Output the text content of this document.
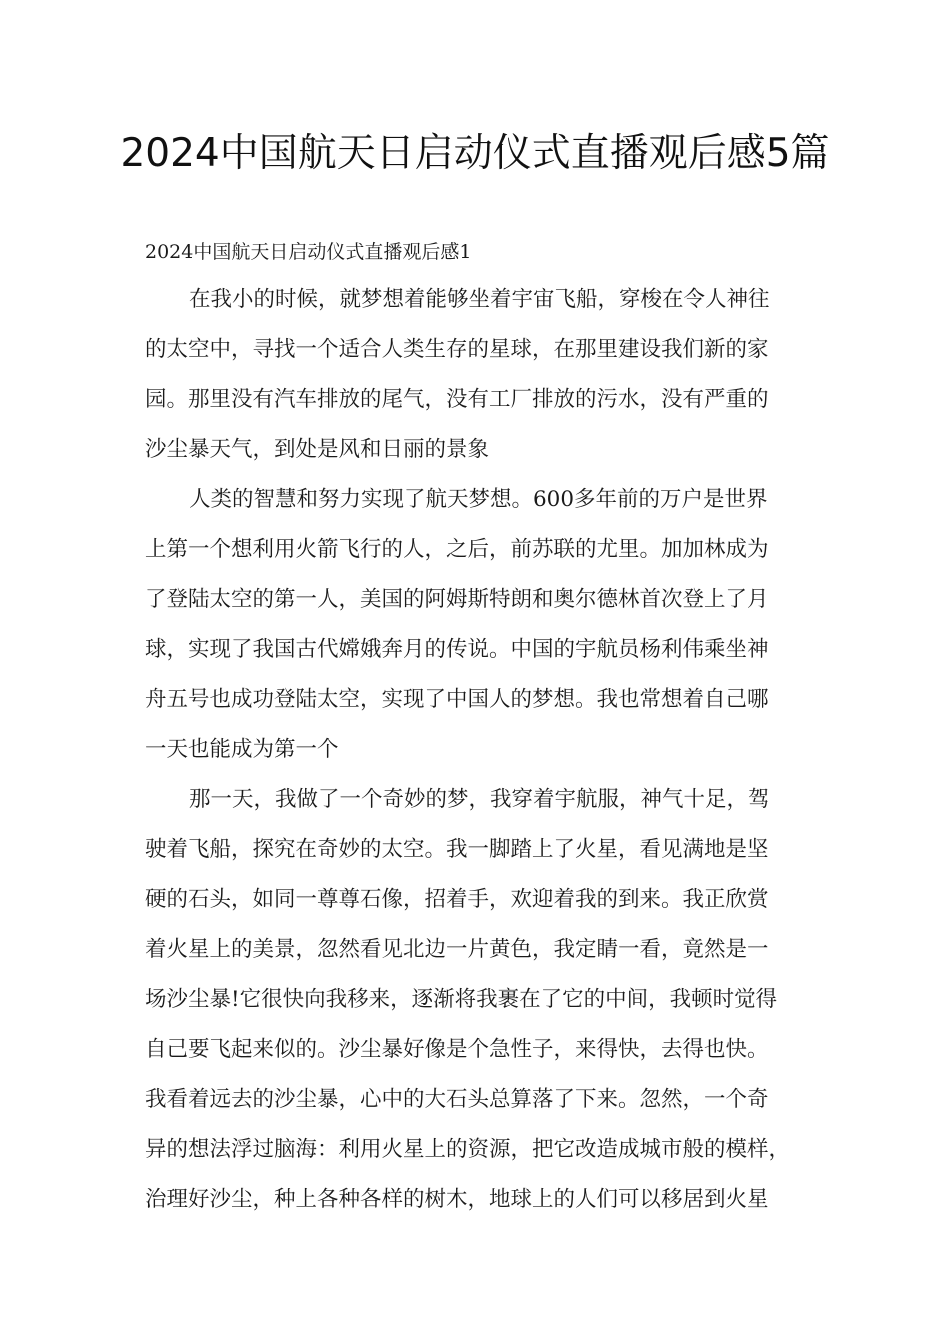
2024中国航天日启动仪式直播观后感5篇

2024中国航天日启动仪式直播观后感1

在我小的时候，就梦想着能够坐着宇宙飞船，穿梭在令人神往

的太空中，寻找一个适合人类生存的星球，在那里建设我们新的家

园。那里没有汽车排放的尾气，没有工厂排放的污水，没有严重的

沙尘暴天气，到处是风和日丽的景象

人类的智慧和努力实现了航天梦想。600多年前的万户是世界

上第一个想利用火箭飞行的人，之后，前苏联的尤里。加加林成为

了登陆太空的第一人，美国的阿姆斯特朗和奥尔德林首次登上了月

球，实现了我国古代嫦娥奔月的传说。中国的宇航员杨利伟乘坐神

舟五号也成功登陆太空，实现了中国人的梦想。我也常想着自己哪

一天也能成为第一个

那一天，我做了一个奇妙的梦，我穿着宇航服，神气十足，驾

驶着飞船，探究在奇妙的太空。我一脚踏上了火星，看见满地是坚

硬的石头，如同一尊尊石像，招着手，欢迎着我的到来。我正欣赏

着火星上的美景，忽然看见北边一片黄色，我定睛一看，竟然是一

场沙尘暴!它很快向我移来，逐渐将我裹在了它的中间，我顿时觉得

自己要飞起来似的。沙尘暴好像是个急性子，来得快，去得也快。

我看着远去的沙尘暴，心中的大石头总算落了下来。忽然，一个奇

异的想法浮过脑海：利用火星上的资源，把它改造成城市般的模样，

治理好沙尘，种上各种各样的树木，地球上的人们可以移居到火星
